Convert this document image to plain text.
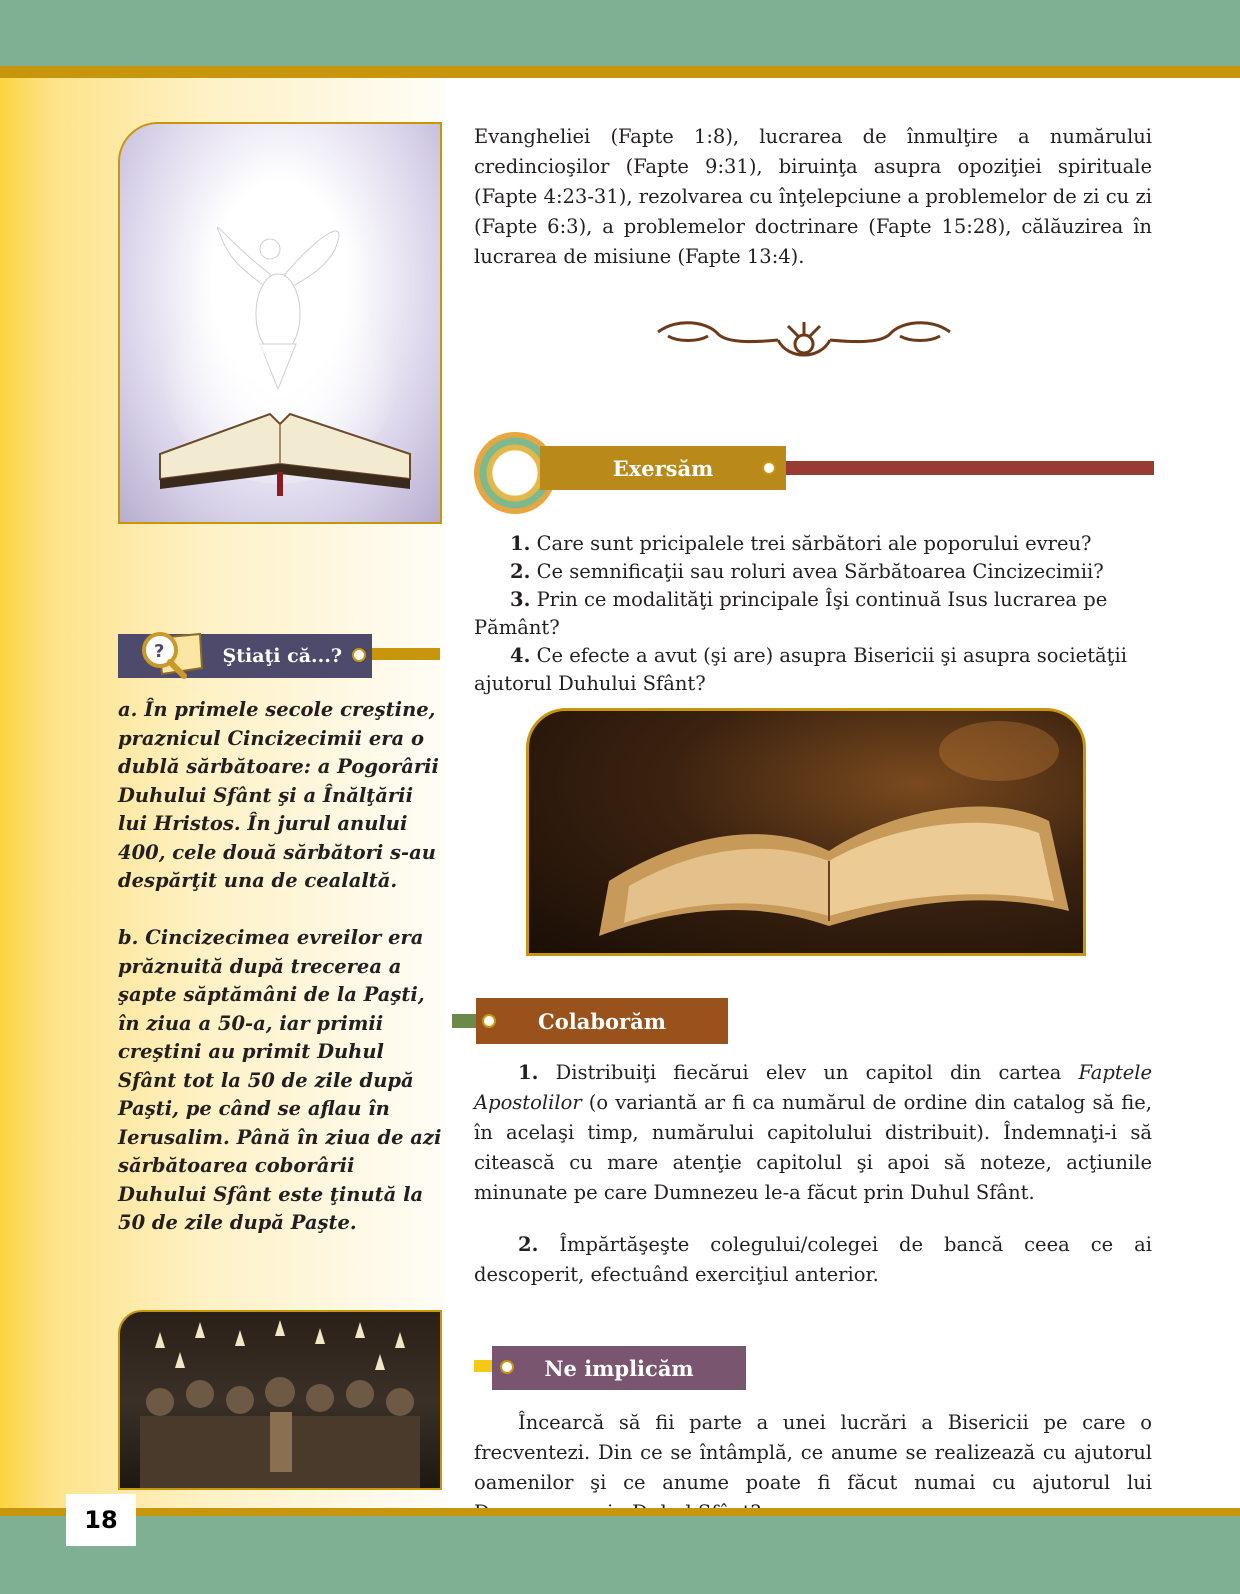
Evangheliei (Fapte 1:8), lucrarea de înmulţire a numărului credincioşilor (Fapte 9:31), biruinţa asupra opoziţiei spirituale (Fapte 4:23-31), rezolvarea cu înţelepciune a problemelor de zi cu zi (Fapte 6:3), a problemelor doctrinare (Fapte 15:28), călăuzirea în lucrarea de misiune (Fapte 13:4).

Exersăm
1. Care sunt pricipalele trei sărbători ale poporului evreu?
2. Ce semnificaţii sau roluri avea Sărbătoarea Cincizecimii?
3. Prin ce modalităţi principale Îşi continuă Isus lucrarea pe Pământ?
4. Ce efecte a avut (şi are) asupra Bisericii şi asupra societăţii ajutorul Duhului Sfânt?
Ştiaţi că...?
?

a. În primele secole creştine, praznicul Cincizecimii era o dublă sărbătoare: a Pogorârii Duhului Sfânt şi a Înălţării lui Hristos. În jurul anului 400, cele două sărbători s-au despărţit una de cealaltă.

b. Cincizecimea evreilor era prăznuită după trecerea a şapte săptămâni de la Paşti, în ziua a 50-a, iar primii creştini au primit Duhul Sfânt tot la 50 de zile după Paşti, pe când se aflau în Ierusalim. Până în ziua de azi sărbătoarea coborârii Duhului Sfânt este ţinută la 50 de zile după Paşte.

Colaborăm

1. Distribuiţi fiecărui elev un capitol din cartea Faptele Apostolilor (o variantă ar fi ca numărul de ordine din catalog să fie, în acelaşi timp, numărului capitolului distribuit). Îndemnaţi-i să citească cu mare atenţie capitolul şi apoi să noteze, acţiunile minunate pe care Dumnezeu le-a făcut prin Duhul Sfânt.

2. Împărtăşeşte colegului/colegei de bancă ceea ce ai descoperit, efectuând exerciţiul anterior.

Ne implicăm

Încearcă să fii parte a unei lucrări a Bisericii pe care o frecventezi. Din ce se întâmplă, ce anume se realizează cu ajutorul oamenilor şi ce anume poate fi făcut numai cu ajutorul lui

18
